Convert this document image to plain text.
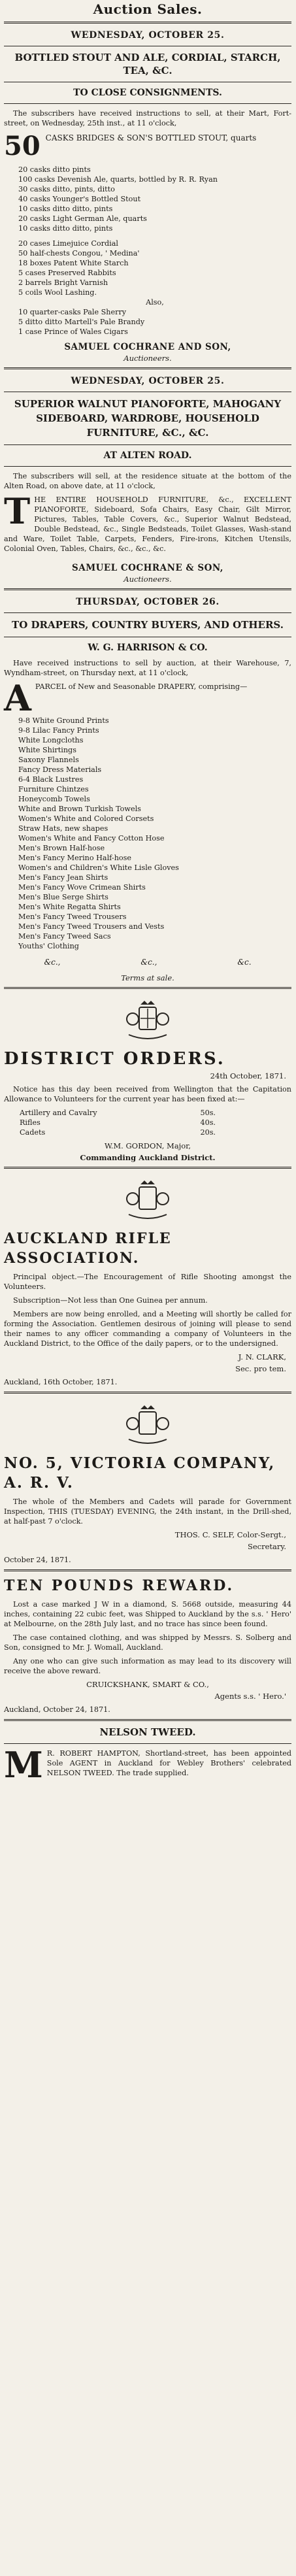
Auction Sales.
WEDNESDAY, OCTOBER 25.
BOTTLED STOUT AND ALE, CORDIAL, STARCH, TEA, &C.
TO CLOSE CONSIGNMENTS.

The subscribers have received instructions to sell, at their Mart, Fort-street, on Wednesday, 25th inst., at 11 o'clock,

50 CASKS BRIDGES & SON'S BOTTLED STOUT, quarts
20 casks ditto pints
100 casks Devenish Ale, quarts, bottled by R. R. Ryan
30 casks ditto, pints, ditto
40 casks Younger's Bottled Stout
10 casks ditto ditto, pints
20 casks Light German Ale, quarts
10 casks ditto ditto, pints
20 cases Limejuice Cordial
50 half-chests Congou, ' Medina'
18 boxes Patent White Starch
5 cases Preserved Rabbits
2 barrels Bright Varnish
5 coils Wool Lashing.
Also,
10 quarter-casks Pale Sherry
5 ditto ditto Martell's Pale Brandy
1 case Prince of Wales Cigars
SAMUEL COCHRANE AND SON,
Auctioneers.
WEDNESDAY, OCTOBER 25.
SUPERIOR WALNUT PIANOFORTE, MAHOGANY SIDEBOARD, WARDROBE, HOUSEHOLD FURNITURE, &C., &C.
AT ALTEN ROAD.

The subscribers will sell, at the residence situate at the bottom of the Alten Road, on above date, at 11 o'clock,

T HE ENTIRE HOUSEHOLD FURNITURE, &c., EXCELLENT PIANOFORTE, Sideboard, Sofa Chairs, Easy Chair, Gilt Mirror, Pictures, Tables, Table Covers, &c., Superior Walnut Bedstead, Double Bedstead, &c., Single Bedsteads, Toilet Glasses, Wash-stand and Ware, Toilet Table, Carpets, Fenders, Fire-irons, Kitchen Utensils, Colonial Oven, Tables, Chairs, &c., &c., &c.

SAMUEL COCHRANE & SON,
Auctioneers.
THURSDAY, OCTOBER 26.
TO DRAPERS, COUNTRY BUYERS, AND OTHERS.
W. G. HARRISON & CO.

Have received instructions to sell by auction, at their Warehouse, 7, Wyndham-street, on Thursday next, at 11 o'clock,

A PARCEL of New and Seasonable DRAPERY, comprising—

9-8 White Ground Prints
9-8 Lilac Fancy Prints
White Longcloths
White Shirtings
Saxony Flannels
Fancy Dress Materials
6-4 Black Lustres
Furniture Chintzes
Honeycomb Towels
White and Brown Turkish Towels
Women's White and Colored Corsets
Straw Hats, new shapes
Women's White and Fancy Cotton Hose
Men's Brown Half-hose
Men's Fancy Merino Half-hose
Women's and Children's White Lisle Gloves
Men's Fancy Jean Shirts
Men's Fancy Wove Crimean Shirts
Men's Blue Serge Shirts
Men's White Regatta Shirts
Men's Fancy Tweed Trousers
Men's Fancy Tweed Trousers and Vests
Men's Fancy Tweed Sacs
Youths' Clothing
&c.,	&c.,	&c.
Terms at sale.
DISTRICT ORDERS.
24th October, 1871.

Notice has this day been received from Wellington that the Capitation Allowance to Volunteers for the current year has been fixed at:—

Artillery and Cavalry	50s.
Rifles	40s.
Cadets	20s.
W.M. GORDON, Major,
Commanding Auckland District.
AUCKLAND RIFLE ASSOCIATION.

Principal object.—The Encouragement of Rifle Shooting amongst the Volunteers.

Subscription—Not less than One Guinea per annum.

Members are now being enrolled, and a Meeting will shortly be called for forming the Association. Gentlemen desirous of joining will please to send their names to any officer commanding a company of Volunteers in the Auckland District, to the Office of the daily papers, or to the undersigned.

J. N. CLARK,
Sec. pro tem.
Auckland, 16th October, 1871.
NO. 5, VICTORIA COMPANY, A. R. V.

The whole of the Members and Cadets will parade for Government Inspection, THIS (TUESDAY) EVENING, the 24th instant, in the Drill-shed, at half-past 7 o'clock.

THOS. C. SELF, Color-Sergt.,
Secretary.
October 24, 1871.
TEN POUNDS REWARD.

Lost a case marked J W in a diamond, S. 5668 outside, measuring 44 inches, containing 22 cubic feet, was Shipped to Auckland by the s.s. ' Hero' at Melbourne, on the 28th July last, and no trace has since been found.

The case contained clothing, and was shipped by Messrs. S. Solberg and Son, consigned to Mr. J. Womall, Auckland.

Any one who can give such information as may lead to its discovery will receive the above reward.

CRUICKSHANK, SMART & CO.,
Agents s.s. ' Hero.'
Auckland, October 24, 1871.
NELSON TWEED.

M R. ROBERT HAMPTON, Shortland-street, has been appointed Sole AGENT in Auckland for Webley Brothers' celebrated NELSON TWEED. The trade supplied.
